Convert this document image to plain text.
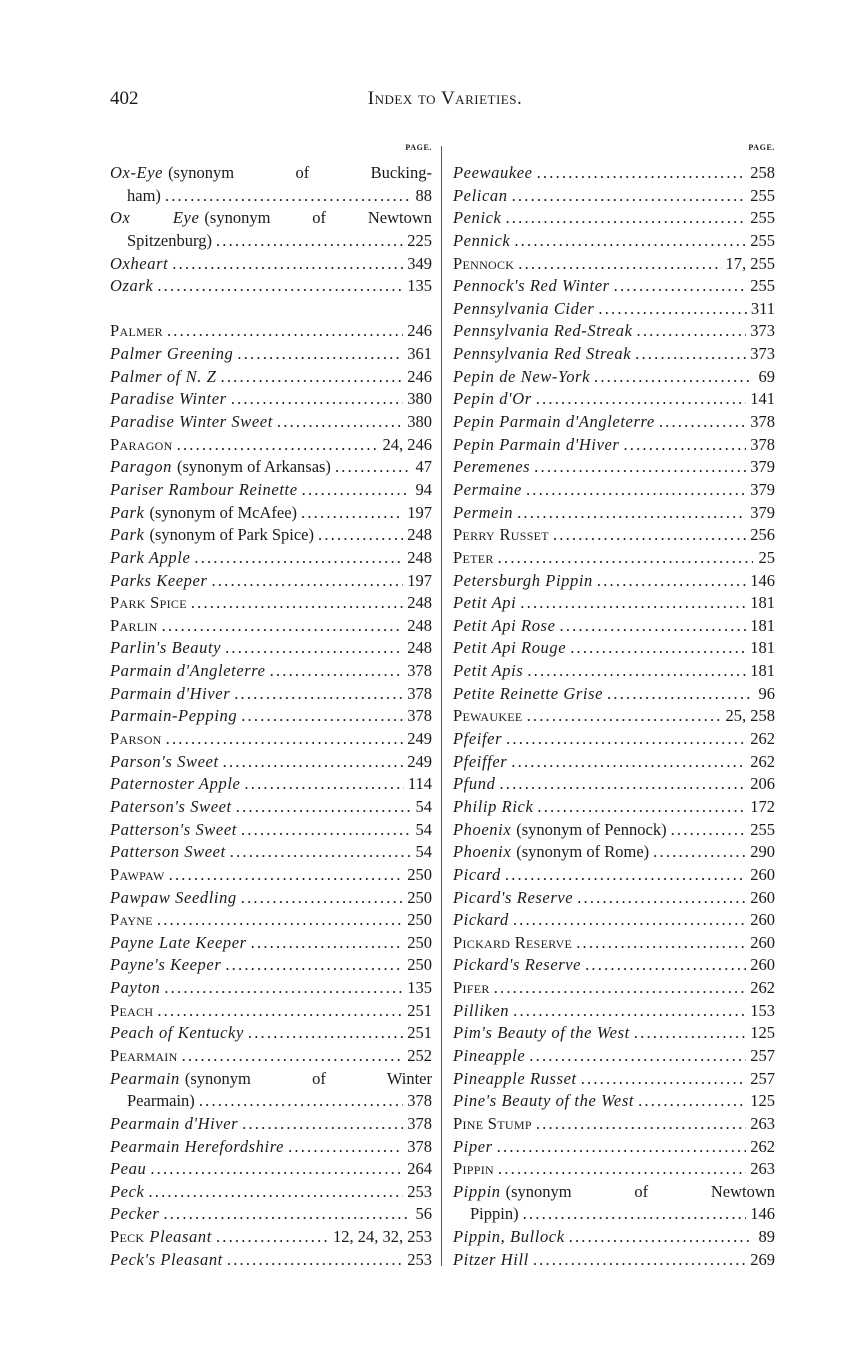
402	Index to Varieties.
PAGE.
Ox-Eye (synonym of Bucking-
ham) .....	88
Ox Eye (synonym of Newtown
Spitzenburg) .....	225
Oxheart .....	349
Ozark .....	135
Palmer .....	246
Palmer Greening .....	361
Palmer of N. Z .....	246
Paradise Winter .....	380
Paradise Winter Sweet .....	380
Paragon .....	24, 246
Paragon (synonym of Arkansas) .....	47
Pariser Rambour Reinette .....	94
Park (synonym of McAfee) .....	197
Park (synonym of Park Spice) .....	248
Park Apple .....	248
Parks Keeper .....	197
Park Spice .....	248
Parlin .....	248
Parlin's Beauty .....	248
Parmain d'Angleterre .....	378
Parmain d'Hiver .....	378
Parmain-Pepping .....	378
Parson .....	249
Parson's Sweet .....	249
Paternoster Apple .....	114
Paterson's Sweet .....	54
Patterson's Sweet .....	54
Patterson Sweet .....	54
Pawpaw .....	250
Pawpaw Seedling .....	250
Payne .....	250
Payne Late Keeper .....	250
Payne's Keeper .....	250
Payton .....	135
Peach .....	251
Peach of Kentucky .....	251
Pearmain .....	252
Pearmain (synonym of Winter
Pearmain) .....	378
Pearmain d'Hiver .....	378
Pearmain Herefordshire .....	378
Peau .....	264
Peck .....	253
Pecker .....	56
Peck Pleasant .....	12, 24, 32, 253
Peck's Pleasant .....	253
PAGE.
Peewaukee .....	258
Pelican .....	255
Penick .....	255
Pennick .....	255
Pennock .....	17, 255
Pennock's Red Winter .....	255
Pennsylvania Cider .....	311
Pennsylvania Red-Streak .....	373
Pennsylvania Red Streak .....	373
Pepin de New-York .....	69
Pepin d'Or .....	141
Pepin Parmain d'Angleterre .....	378
Pepin Parmain d'Hiver .....	378
Peremenes .....	379
Permaine .....	379
Permein .....	379
Perry Russet .....	256
Peter .....	25
Petersburgh Pippin .....	146
Petit Api .....	181
Petit Api Rose .....	181
Petit Api Rouge .....	181
Petit Apis .....	181
Petite Reinette Grise .....	96
Pewaukee .....	25, 258
Pfeifer .....	262
Pfeiffer .....	262
Pfund .....	206
Philip Rick .....	172
Phoenix (synonym of Pennock) .....	255
Phoenix (synonym of Rome) .....	290
Picard .....	260
Picard's Reserve .....	260
Pickard .....	260
Pickard Reserve .....	260
Pickard's Reserve .....	260
Pifer .....	262
Pilliken .....	153
Pim's Beauty of the West .....	125
Pineapple .....	257
Pineapple Russet .....	257
Pine's Beauty of the West .....	125
Pine Stump .....	263
Piper .....	262
Pippin .....	263
Pippin (synonym of Newtown
Pippin) .....	146
Pippin, Bullock .....	89
Pitzer Hill .....	269
